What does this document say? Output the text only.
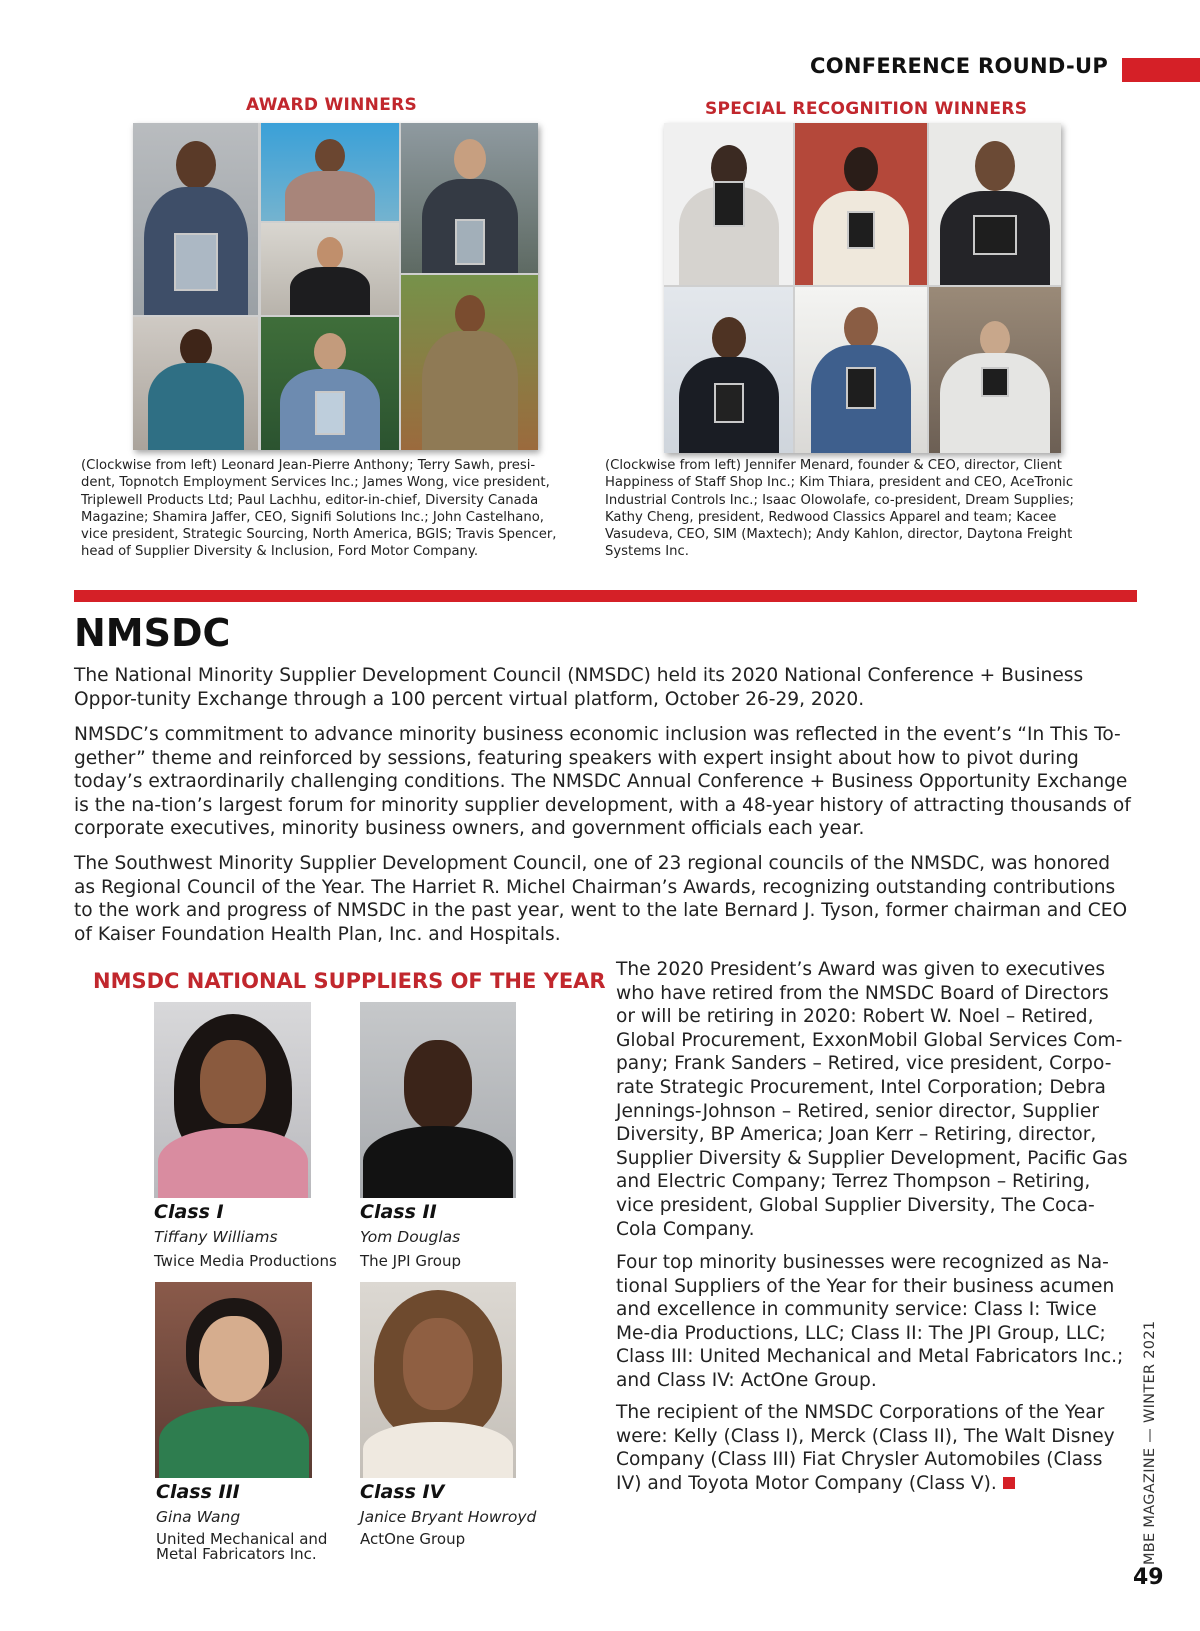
CONFERENCE ROUND-UP
AWARD WINNERS
(Clockwise from left) Leonard Jean-Pierre Anthony; Terry Sawh, presi-dent, Topnotch Employment Services Inc.; James Wong, vice president, Triplewell Products Ltd; Paul Lachhu, editor-in-chief, Diversity Canada Magazine; Shamira Jaffer, CEO, Signifi Solutions Inc.; John Castelhano, vice president, Strategic Sourcing, North America, BGIS; Travis Spencer, head of Supplier Diversity & Inclusion, Ford Motor Company.
SPECIAL RECOGNITION WINNERS
(Clockwise from left) Jennifer Menard, founder & CEO, director, Client Happiness of Staff Shop Inc.; Kim Thiara, president and CEO, AceTronic Industrial Controls Inc.; Isaac Olowolafe, co-president, Dream Supplies; Kathy Cheng, president, Redwood Classics Apparel and team; Kacee Vasudeva, CEO, SIM (Maxtech); Andy Kahlon, director, Daytona Freight Systems Inc.
NMSDC

The National Minority Supplier Development Council (NMSDC) held its 2020 National Conference + Business Oppor-tunity Exchange through a 100 percent virtual platform, October 26-29, 2020.

NMSDC’s commitment to advance minority business economic inclusion was reflected in the event’s “In This To-gether” theme and reinforced by sessions, featuring speakers with expert insight about how to pivot during today’s extraordinarily challenging conditions. The NMSDC Annual Conference + Business Opportunity Exchange is the na-tion’s largest forum for minority supplier development, with a 48-year history of attracting thousands of corporate executives, minority business owners, and government officials each year.

The Southwest Minority Supplier Development Council, one of 23 regional councils of the NMSDC, was honored as Regional Council of the Year. The Harriet R. Michel Chairman’s Awards, recognizing outstanding contributions to the work and progress of NMSDC in the past year, went to the late Bernard J. Tyson, former chairman and CEO of Kaiser Foundation Health Plan, Inc. and Hospitals.

NMSDC NATIONAL SUPPLIERS OF THE YEAR
Class I
Tiffany Williams
Twice Media Productions
Class II
Yom Douglas
The JPI Group
Class III
Gina Wang
United Mechanical and Metal Fabricators Inc.
Class IV
Janice Bryant Howroyd
ActOne Group

The 2020 President’s Award was given to executives who have retired from the NMSDC Board of Directors or will be retiring in 2020: Robert W. Noel – Retired, Global Procurement, ExxonMobil Global Services Com-pany; Frank Sanders – Retired, vice president, Corpo-rate Strategic Procurement, Intel Corporation; Debra Jennings-Johnson – Retired, senior director, Supplier Diversity, BP America; Joan Kerr – Retiring, director, Supplier Diversity & Supplier Development, Pacific Gas and Electric Company; Terrez Thompson – Retiring, vice president, Global Supplier Diversity, The Coca-Cola Company.

Four top minority businesses were recognized as Na-tional Suppliers of the Year for their business acumen and excellence in community service: Class I: Twice Me-dia Productions, LLC; Class II: The JPI Group, LLC; Class III: United Mechanical and Metal Fabricators Inc.; and Class IV: ActOne Group.

The recipient of the NMSDC Corporations of the Year were: Kelly (Class I), Merck (Class II), The Walt Disney Company (Class III) Fiat Chrysler Automobiles (Class IV) and Toyota Motor Company (Class V).	MBE MAGAZINE — WINTER 2021
49
